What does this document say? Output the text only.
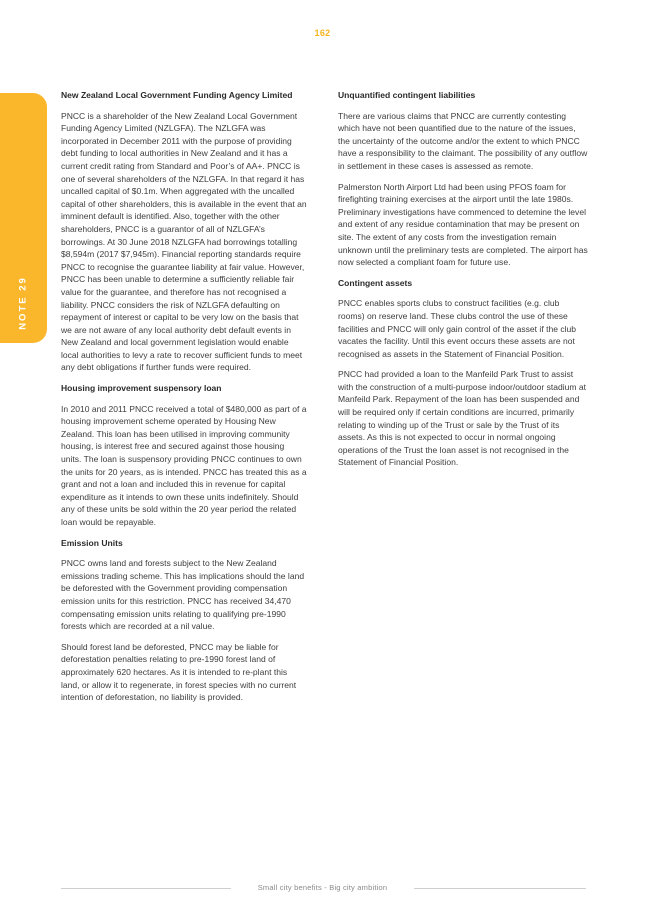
162
NOTE 29
New Zealand Local Government Funding Agency Limited

PNCC is a shareholder of the New Zealand Local Government Funding Agency Limited (NZLGFA). The NZLGFA was incorporated in December 2011 with the purpose of providing debt funding to local authorities in New Zealand and it has a current credit rating from Standard and Poor’s of AA+. PNCC is one of several shareholders of the NZLGFA. In that regard it has uncalled capital of $0.1m. When aggregated with the uncalled capital of other shareholders, this is available in the event that an imminent default is identified. Also, together with the other shareholders, PNCC is a guarantor of all of NZLGFA’s borrowings. At 30 June 2018 NZLGFA had borrowings totalling $8,594m (2017 $7,945m). Financial reporting standards require PNCC to recognise the guarantee liability at fair value. However, PNCC has been unable to determine a sufficiently reliable fair value for the guarantee, and therefore has not recognised a liability. PNCC considers the risk of NZLGFA defaulting on repayment of interest or capital to be very low on the basis that we are not aware of any local authority debt default events in New Zealand and local government legislation would enable local authorities to levy a rate to recover sufficient funds to meet any debt obligations if further funds were required.

Housing improvement suspensory loan

In 2010 and 2011 PNCC received a total of $480,000 as part of a housing improvement scheme operated by Housing New Zealand. This loan has been utilised in improving community housing, is interest free and secured against those housing units. The loan is suspensory providing PNCC continues to own the units for 20 years, as is intended. PNCC has treated this as a grant and not a loan and included this in revenue for capital expenditure as it intends to own these units indefinitely. Should any of these units be sold within the 20 year period the related loan would be repayable.

Emission Units

PNCC owns land and forests subject to the New Zealand emissions trading scheme. This has implications should the land be deforested with the Government providing compensation emission units for this restriction. PNCC has received 34,470 compensating emission units relating to qualifying pre-1990 forests which are recorded at a nil value.

Should forest land be deforested, PNCC may be liable for deforestation penalties relating to pre-1990 forest land of approximately 620 hectares. As it is intended to re-plant this land, or allow it to regenerate, in forest species with no current intention of deforestation, no liability is provided.

Unquantified contingent liabilities

There are various claims that PNCC are currently contesting which have not been quantified due to the nature of the issues, the uncertainty of the outcome and/or the extent to which PNCC have a responsibility to the claimant. The possibility of any outflow in settlement in these cases is assessed as remote.

Palmerston North Airport Ltd had been using PFOS foam for firefighting training exercises at the airport until the late 1980s. Preliminary investigations have commenced to detemine the level and extent of any residue contamination that may be present on site. The extent of any costs from the investigation remain unknown until the preliminary tests are completed. The airport has now selected a compliant foam for future use.

Contingent assets

PNCC enables sports clubs to construct facilities (e.g. club rooms) on reserve land. These clubs control the use of these facilities and PNCC will only gain control of the asset if the club vacates the facility. Until this event occurs these assets are not recognised as assets in the Statement of Financial Position.

PNCC had provided a loan to the Manfeild Park Trust to assist with the construction of a multi-purpose indoor/outdoor stadium at Manfeild Park. Repayment of the loan has been suspended and will be required only if certain conditions are incurred, primarily relating to winding up of the Trust or sale by the Trust of its assets. As this is not expected to occur in normal ongoing operations of the Trust the loan asset is not recognised in the Statement of Financial Position.

Small city benefits - Big city ambition
